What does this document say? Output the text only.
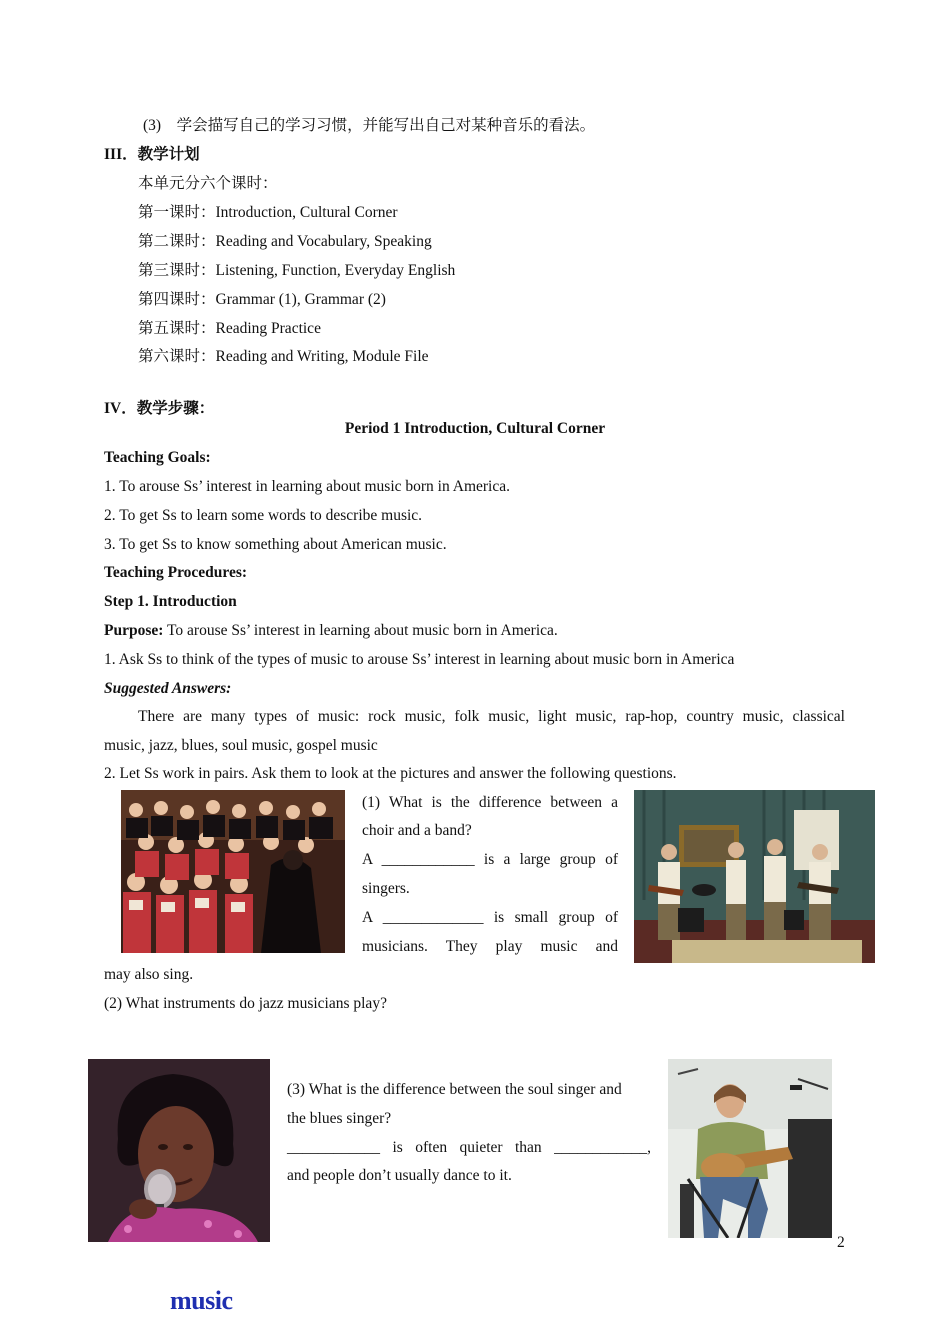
(3)　学会描写自己的学习习惯，并能写出自己对某种音乐的看法。
III．教学计划
本单元分六个课时：
第一课时：Introduction, Cultural Corner
第二课时：Reading and Vocabulary, Speaking
第三课时：Listening, Function, Everyday English
第四课时：Grammar (1), Grammar (2)
第五课时：Reading Practice
第六课时：Reading and Writing, Module File
IV．教学步骤：
Period 1 Introduction, Cultural Corner
Teaching Goals:
1. To arouse Ss’ interest in learning about music born in America.
2. To get Ss to learn some words to describe music.
3. To get Ss to know something about American music.
Teaching Procedures:
Step 1. Introduction
Purpose: To arouse Ss’ interest in learning about music born in America.
1. Ask Ss to think of the types of music to arouse Ss’ interest in learning about music born in America
Suggested Answers:
There are many types of music: rock music, folk music, light music, rap-hop, country music, classical
music, jazz, blues, soul music, gospel music
2. Let Ss work in pairs. Ask them to look at the pictures and answer the following questions.
(1) What is the difference between a
choir and a band?
A ____________ is a large group of
singers.
A _____________ is small group of
musicians. They play music and
may also sing.
(2) What instruments do jazz musicians play?
(3) What is the difference between the soul singer and
the blues singer?
____________ is often quieter than ____________,
and people don’t usually dance to it.
2
music
